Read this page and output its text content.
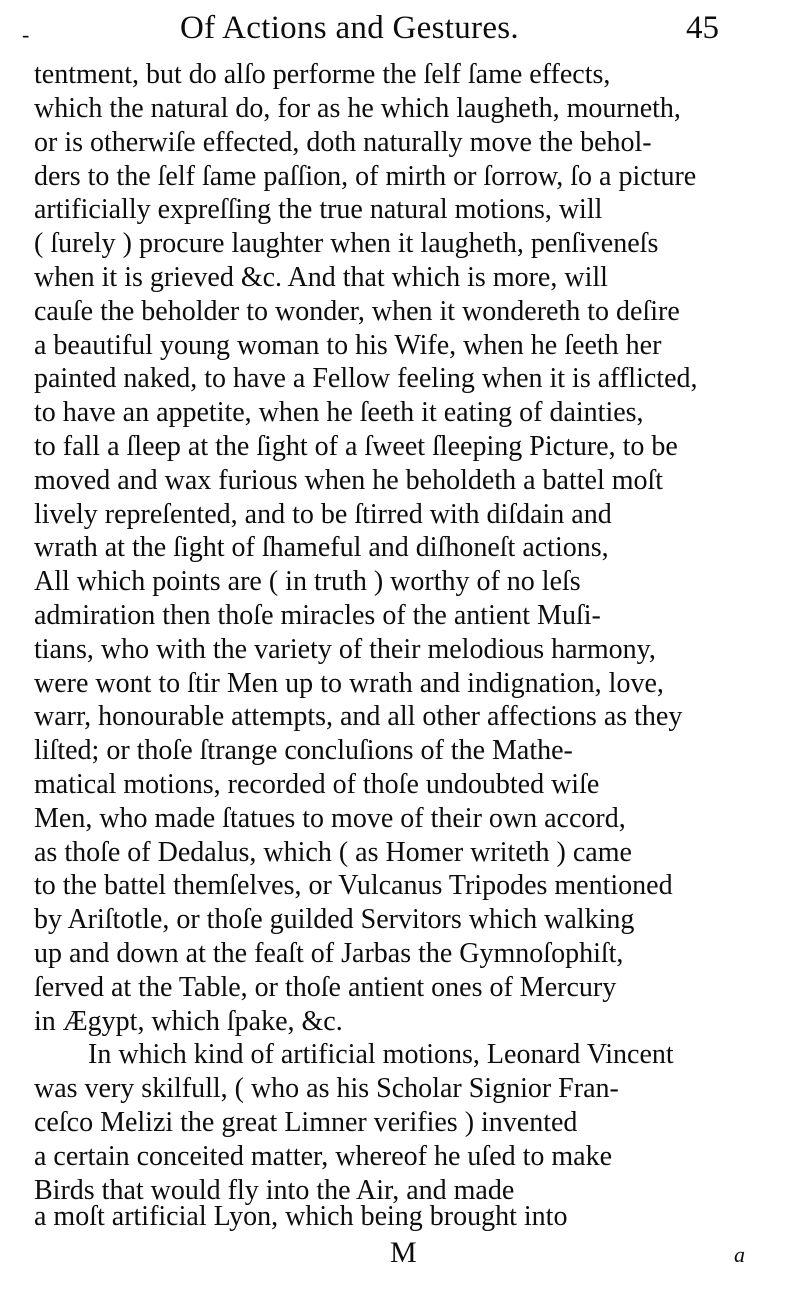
-	Of Actions and Gestures.	45
tentment, but do alſo performe the ſelf ſame effects,
which the natural do, for as he which laugheth, mourneth,
or is otherwiſe effected, doth naturally move the behol-
ders to the ſelf ſame paſſion, of mirth or ſorrow, ſo a picture
artificially expreſſing the true natural motions, will
( ſurely ) procure laughter when it laugheth, penſiveneſs
when it is grieved &c. And that which is more, will
cauſe the beholder to wonder, when it wondereth to deſire
a beautiful young woman to his Wife, when he ſeeth her
painted naked, to have a Fellow feeling when it is afflicted,
to have an appetite, when he ſeeth it eating of dainties,
to fall a ſleep at the ſight of a ſweet ſleeping Picture, to be
moved and wax furious when he beholdeth a battel moſt
lively repreſented, and to be ſtirred with diſdain and
wrath at the ſight of ſhameful and diſhoneſt actions,
All which points are ( in truth ) worthy of no leſs
admiration then thoſe miracles of the antient Muſi-
tians, who with the variety of their melodious harmony,
were wont to ſtir Men up to wrath and indignation, love,
warr, honourable attempts, and all other affections as they
liſted; or thoſe ſtrange concluſions of the Mathe-
matical motions, recorded of thoſe undoubted wiſe
Men, who made ſtatues to move of their own accord,
as thoſe of Dedalus, which ( as Homer writeth ) came
to the battel themſelves, or Vulcanus Tripodes mentioned
by Ariſtotle, or thoſe guilded Servitors which walking
up and down at the feaſt of Jarbas the Gymnoſophiſt,
ſerved at the Table, or thoſe antient ones of Mercury
in Ægypt, which ſpake, &c.
In which kind of artificial motions, Leonard Vincent
was very skilfull, ( who as his Scholar Signior Fran-
ceſco Melizi the great Limner verifies ) invented
a certain conceited matter, whereof he uſed to make
Birds that would fly into the Air, and made
a moſt artificial Lyon, which being brought into
M	a
